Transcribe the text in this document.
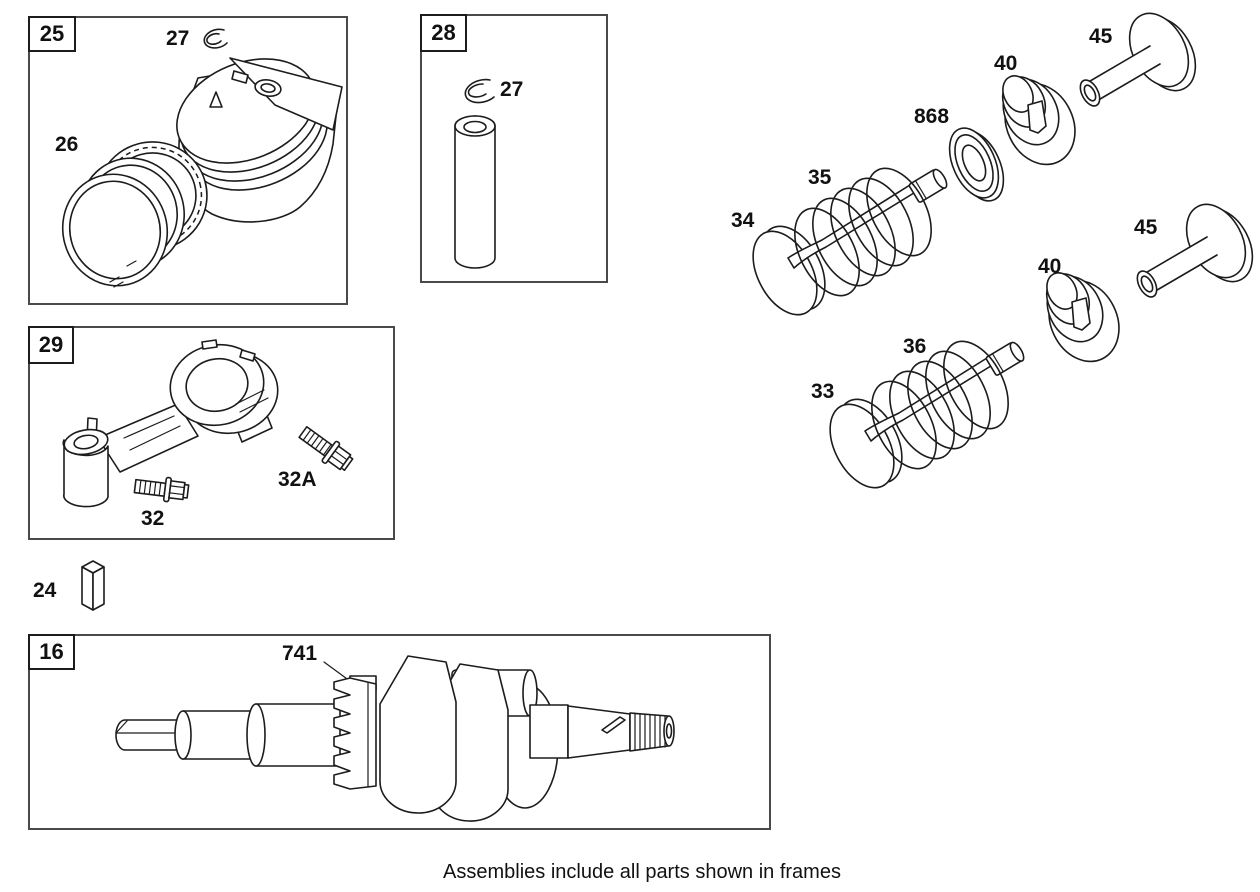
25	28
29
16
27
26
27
45
40
868
35
34	45
40
36
33
32
32A
24
741
Assemblies include all parts shown in frames
